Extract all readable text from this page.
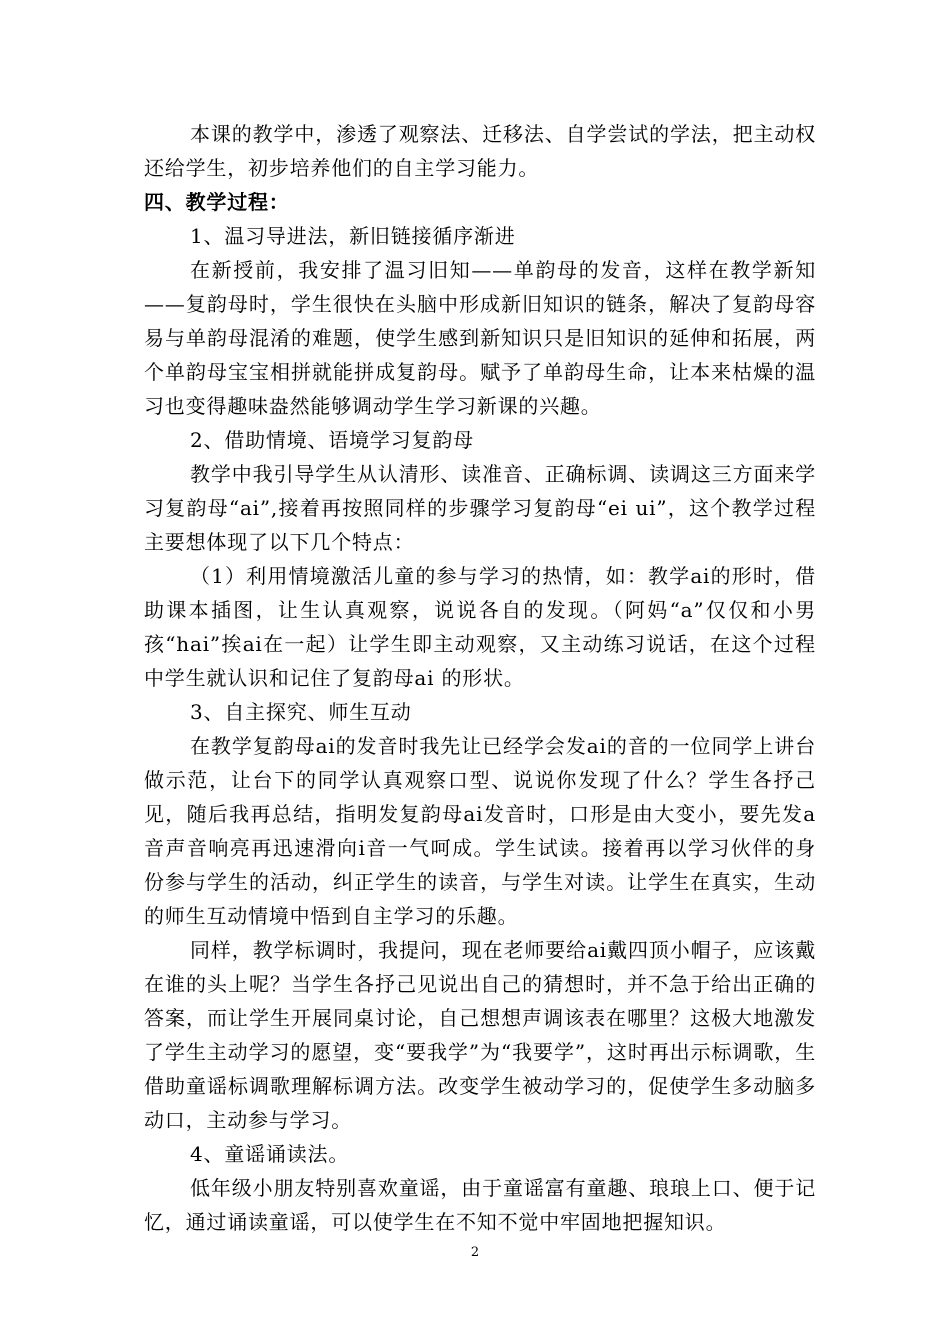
本课的教学中，渗透了观察法、迁移法、自学尝试的学法，把主动权还给学生，初步培养他们的自主学习能力。

四、教学过程：

1、温习导进法，新旧链接循序渐进

在新授前，我安排了温习旧知——单韵母的发音，这样在教学新知——复韵母时，学生很快在头脑中形成新旧知识的链条，解决了复韵母容易与单韵母混淆的难题，使学生感到新知识只是旧知识的延伸和拓展，两个单韵母宝宝相拼就能拼成复韵母。赋予了单韵母生命，让本来枯燥的温习也变得趣味盎然能够调动学生学习新课的兴趣。

2、借助情境、语境学习复韵母

教学中我引导学生从认清形、读准音、正确标调、读调这三方面来学习复韵母“ai”,接着再按照同样的步骤学习复韵母“ei ui”，这个教学过程主要想体现了以下几个特点：

（1）利用情境激活儿童的参与学习的热情，如：教学ai的形时，借助课本插图，让生认真观察，说说各自的发现。（阿妈“a”仅仅和小男孩“hai”挨ai在一起）让学生即主动观察，又主动练习说话，在这个过程中学生就认识和记住了复韵母ai 的形状。

3、自主探究、师生互动

在教学复韵母ai的发音时我先让已经学会发ai的音的一位同学上讲台做示范，让台下的同学认真观察口型、说说你发现了什么？学生各抒己见，随后我再总结，指明发复韵母ai发音时，口形是由大变小，要先发a 音声音响亮再迅速滑向i音一气呵成。学生试读。接着再以学习伙伴的身份参与学生的活动，纠正学生的读音，与学生对读。让学生在真实，生动的师生互动情境中悟到自主学习的乐趣。

同样，教学标调时，我提问，现在老师要给ai戴四顶小帽子，应该戴在谁的头上呢？当学生各抒己见说出自己的猜想时，并不急于给出正确的答案，而让学生开展同桌讨论，自己想想声调该表在哪里？这极大地激发了学生主动学习的愿望，变“要我学”为“我要学”，这时再出示标调歌，生借助童谣标调歌理解标调方法。改变学生被动学习的，促使学生多动脑多动口，主动参与学习。

4、童谣诵读法。

低年级小朋友特别喜欢童谣，由于童谣富有童趣、琅琅上口、便于记忆，通过诵读童谣，可以使学生在不知不觉中牢固地把握知识。

2
